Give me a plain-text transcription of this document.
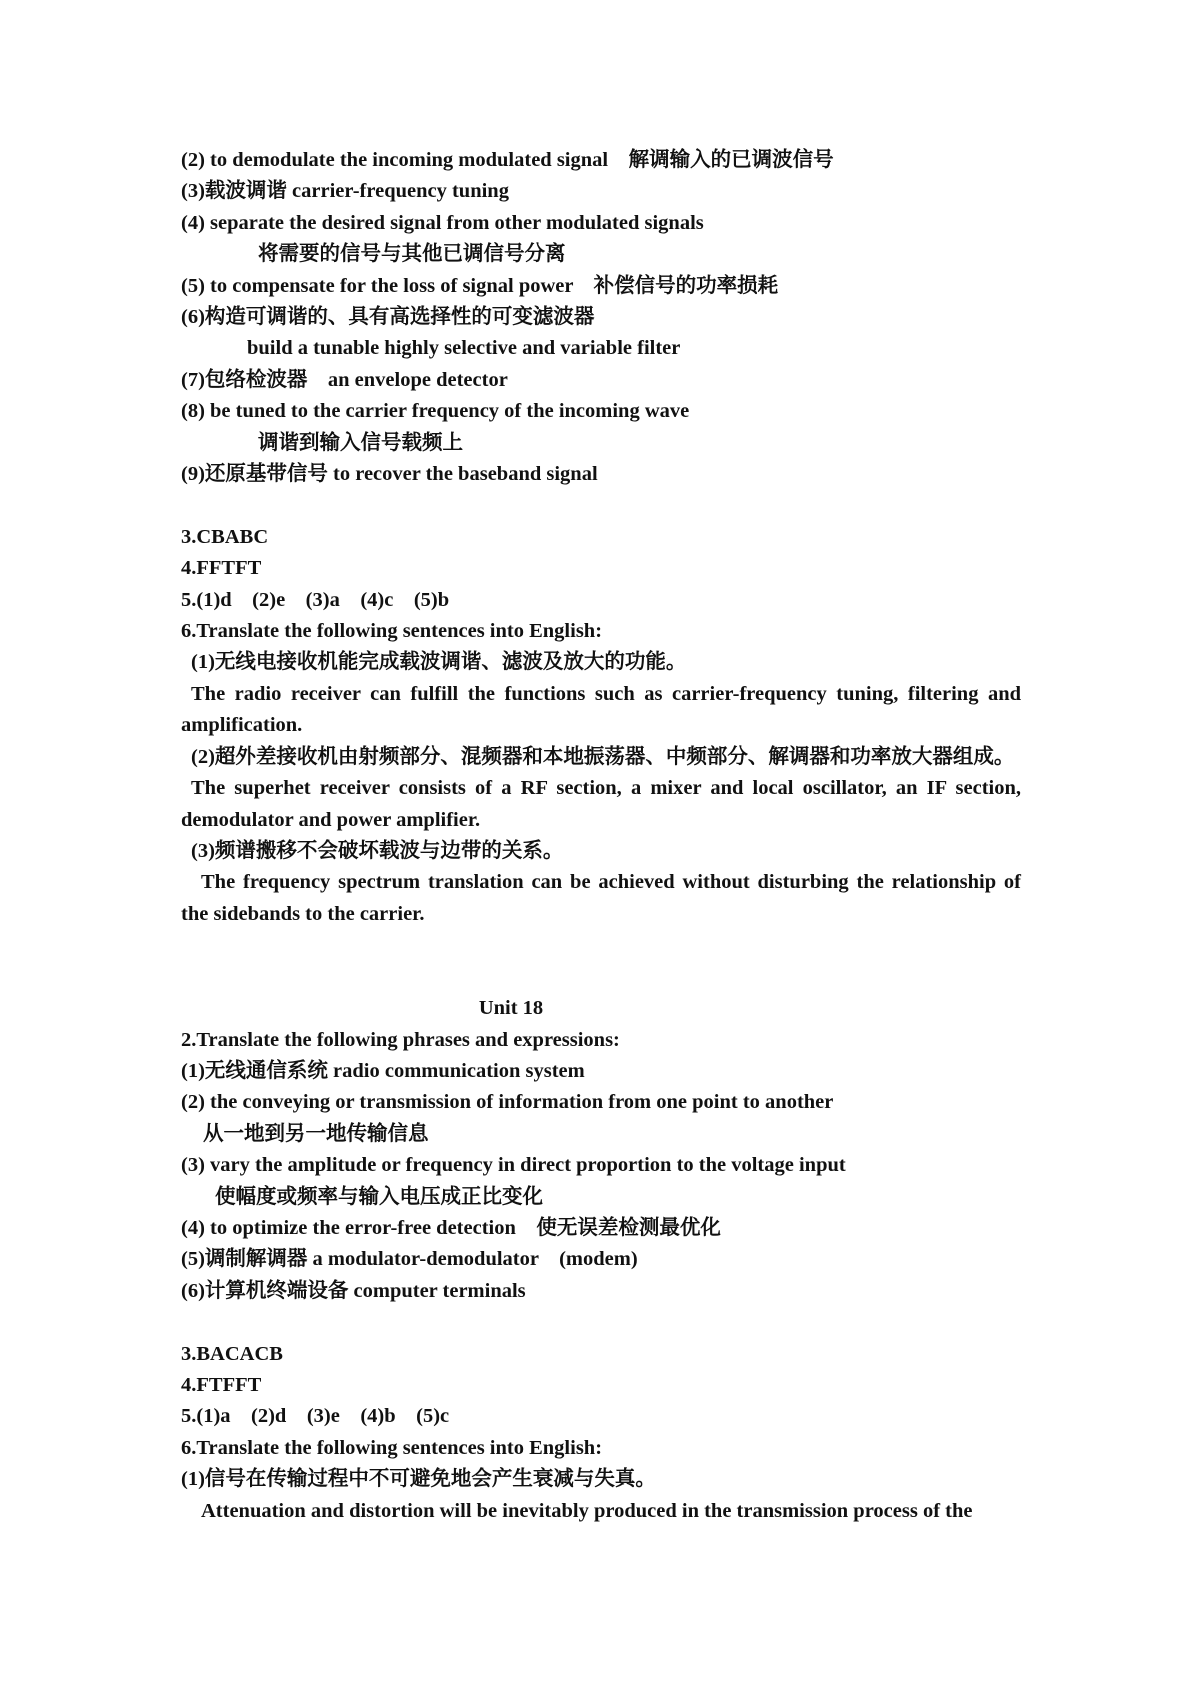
(2) to demodulate the incoming modulated signal　解调输入的已调波信号
(3)载波调谐 carrier-frequency tuning
(4) separate the desired signal from other modulated signals
将需要的信号与其他已调信号分离
(5) to compensate for the loss of signal power　补偿信号的功率损耗
(6)构造可调谐的、具有高选择性的可变滤波器
build a tunable highly selective and variable filter
(7)包络检波器　an envelope detector
(8) be tuned to the carrier frequency of the incoming wave
调谐到输入信号载频上
(9)还原基带信号 to recover the baseband signal
3.CBABC
4.FFTFT
5.(1)d　(2)e　(3)a　(4)c　(5)b
6.Translate the following sentences into English:
(1)无线电接收机能完成载波调谐、滤波及放大的功能。
The radio receiver can fulfill the functions such as carrier-frequency tuning, filtering and amplification.
(2)超外差接收机由射频部分、混频器和本地振荡器、中频部分、解调器和功率放大器组成。
The superhet receiver consists of a RF section, a mixer and local oscillator, an IF section, demodulator and power amplifier.
(3)频谱搬移不会破坏载波与边带的关系。
The frequency spectrum translation can be achieved without disturbing the relationship of the sidebands to the carrier.
Unit 18
2.Translate the following phrases and expressions:
(1)无线通信系统 radio communication system
(2) the conveying or transmission of information from one point to another
从一地到另一地传输信息
(3) vary the amplitude or frequency in direct proportion to the voltage input
使幅度或频率与输入电压成正比变化
(4) to optimize the error-free detection　使无误差检测最优化
(5)调制解调器 a modulator-demodulator　(modem)
(6)计算机终端设备 computer terminals
3.BACACB
4.FTFFT
5.(1)a　(2)d　(3)e　(4)b　(5)c
6.Translate the following sentences into English:
(1)信号在传输过程中不可避免地会产生衰减与失真。
Attenuation and distortion will be inevitably produced in the transmission process of the
